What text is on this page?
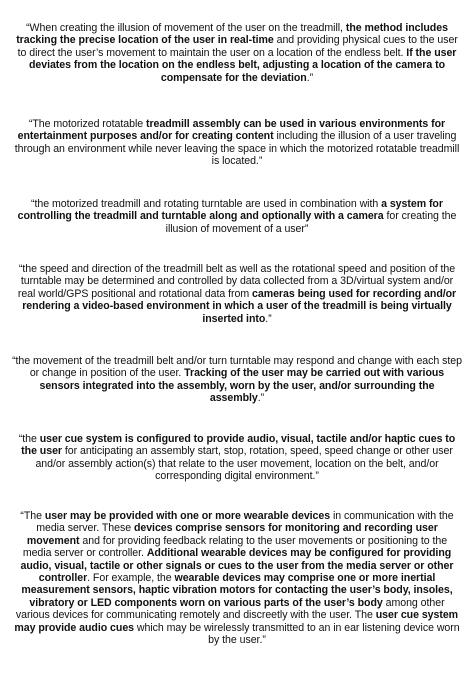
“When creating the illusion of movement of the user on the treadmill, the method includes tracking the precise location of the user in real-time and providing physical cues to the user to direct the user’s movement to maintain the user on a location of the endless belt. If the user deviates from the location on the endless belt, adjusting a location of the camera to compensate for the deviation.”

“The motorized rotatable treadmill assembly can be used in various environments for entertainment purposes and/or for creating content including the illusion of a user traveling through an environment while never leaving the space in which the motorized rotatable treadmill is located.”

“the motorized treadmill and rotating turntable are used in combination with a system for controlling the treadmill and turntable along and optionally with a camera for creating the illusion of movement of a user”

“the speed and direction of the treadmill belt as well as the rotational speed and position of the turntable may be determined and controlled by data collected from a 3D/virtual system and/or real world/GPS positional and rotational data from cameras being used for recording and/or rendering a video-based environment in which a user of the treadmill is being virtually inserted into.”

“the movement of the treadmill belt and/or turn turntable may respond and change with each step or change in position of the user. Tracking of the user may be carried out with various sensors integrated into the assembly, worn by the user, and/or surrounding the assembly.”

“the user cue system is configured to provide audio, visual, tactile and/or haptic cues to the user for anticipating an assembly start, stop, rotation, speed, speed change or other user and/or assembly action(s) that relate to the user movement, location on the belt, and/or corresponding digital environment.”

“The user may be provided with one or more wearable devices in communication with the media server. These devices comprise sensors for monitoring and recording user movement and for providing feedback relating to the user movements or positioning to the media server or controller. Additional wearable devices may be configured for providing audio, visual, tactile or other signals or cues to the user from the media server or other controller. For example, the wearable devices may comprise one or more inertial measurement sensors, haptic vibration motors for contacting the user’s body, insoles, vibratory or LED components worn on various parts of the user’s body among other various devices for communicating remotely and discreetly with the user. The user cue system may provide audio cues which may be wirelessly transmitted to an in ear listening device worn by the user.”
